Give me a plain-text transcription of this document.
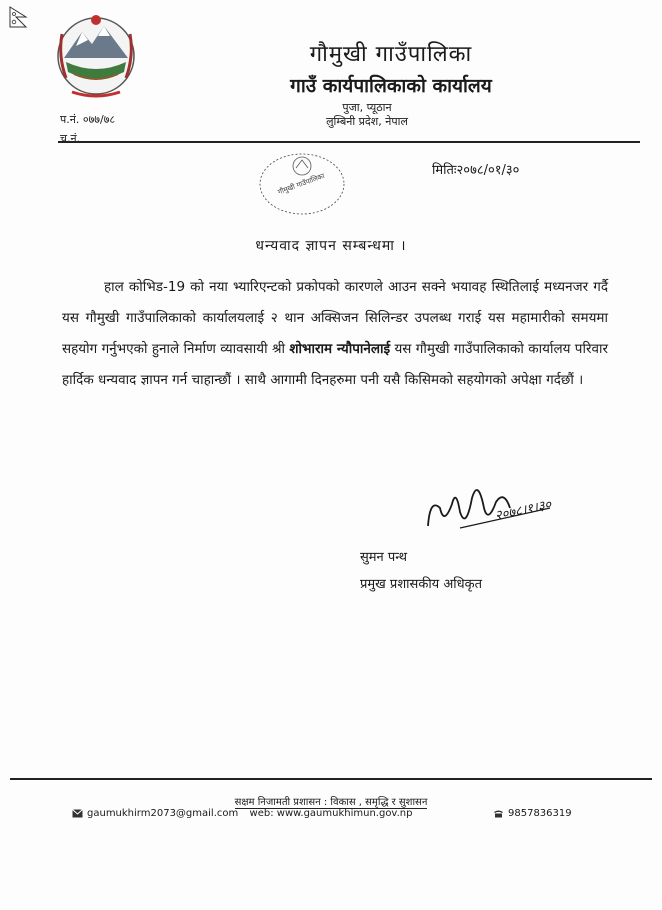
गौमुखी गाउँपालिका
गाउँ कार्यपालिकाको कार्यालय
पुजा, प्यूठान
लुम्बिनी प्रदेश, नेपाल
प.नं. ०७७/७८
च.नं.
गौमुखी गाउँपालिका
मितिः२०७८/०१/३०
धन्यवाद ज्ञापन सम्बन्धमा ।

हाल कोभिड-19 को नया भ्यारिएन्टको प्रकोपको कारणले आउन सक्ने भयावह स्थितिलाई मध्यनजर गर्दै यस गौमुखी गाउँपालिकाको कार्यालयलाई २ थान अक्सिजन सिलिन्डर उपलब्ध गराई यस महामारीको समयमा सहयोग गर्नुभएको हुनाले निर्माण व्यावसायी श्री शोभाराम न्यौपानेलाई यस गौमुखी गाउँपालिकाको कार्यालय परिवार हार्दिक धन्यवाद ज्ञापन गर्न चाहान्छौं । साथै आगामी दिनहरुमा पनी यसै किसिमको सहयोगको अपेक्षा गर्दछौं ।

२०७८।१।३०
सुमन पन्थ
प्रमुख प्रशासकीय अधिकृत
सक्षम निजामती प्रशासन : विकास , समृद्धि र सुशासन
gaumukhirm2073@gmail.com	web: www.gaumukhimun.gov.np	9857836319
